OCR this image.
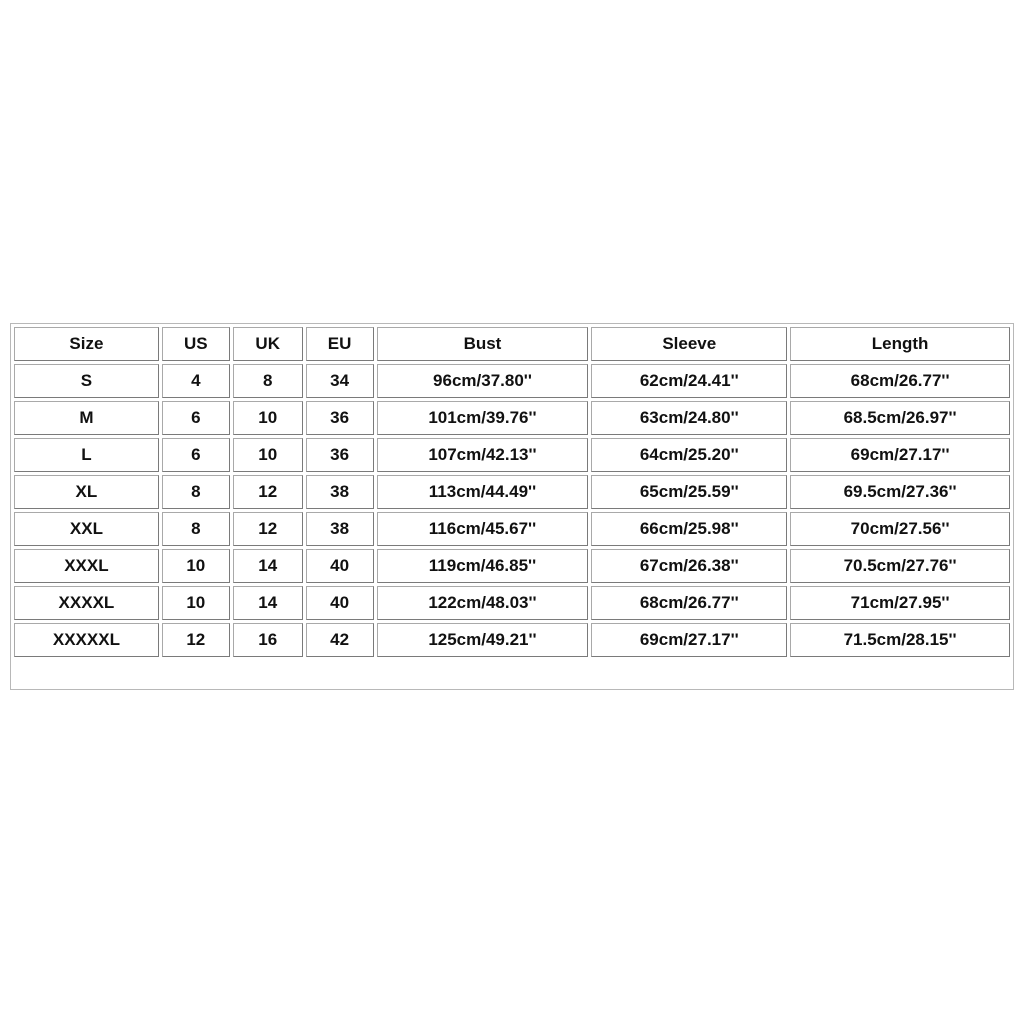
Size	US	UK	EU	Bust	Sleeve	Length
S	4	8	34	96cm/37.80''	62cm/24.41''	68cm/26.77''
M	6	10	36	101cm/39.76''	63cm/24.80''	68.5cm/26.97''
L	6	10	36	107cm/42.13''	64cm/25.20''	69cm/27.17''
XL	8	12	38	113cm/44.49''	65cm/25.59''	69.5cm/27.36''
XXL	8	12	38	116cm/45.67''	66cm/25.98''	70cm/27.56''
XXXL	10	14	40	119cm/46.85''	67cm/26.38''	70.5cm/27.76''
XXXXL	10	14	40	122cm/48.03''	68cm/26.77''	71cm/27.95''
XXXXXL	12	16	42	125cm/49.21''	69cm/27.17''	71.5cm/28.15''
